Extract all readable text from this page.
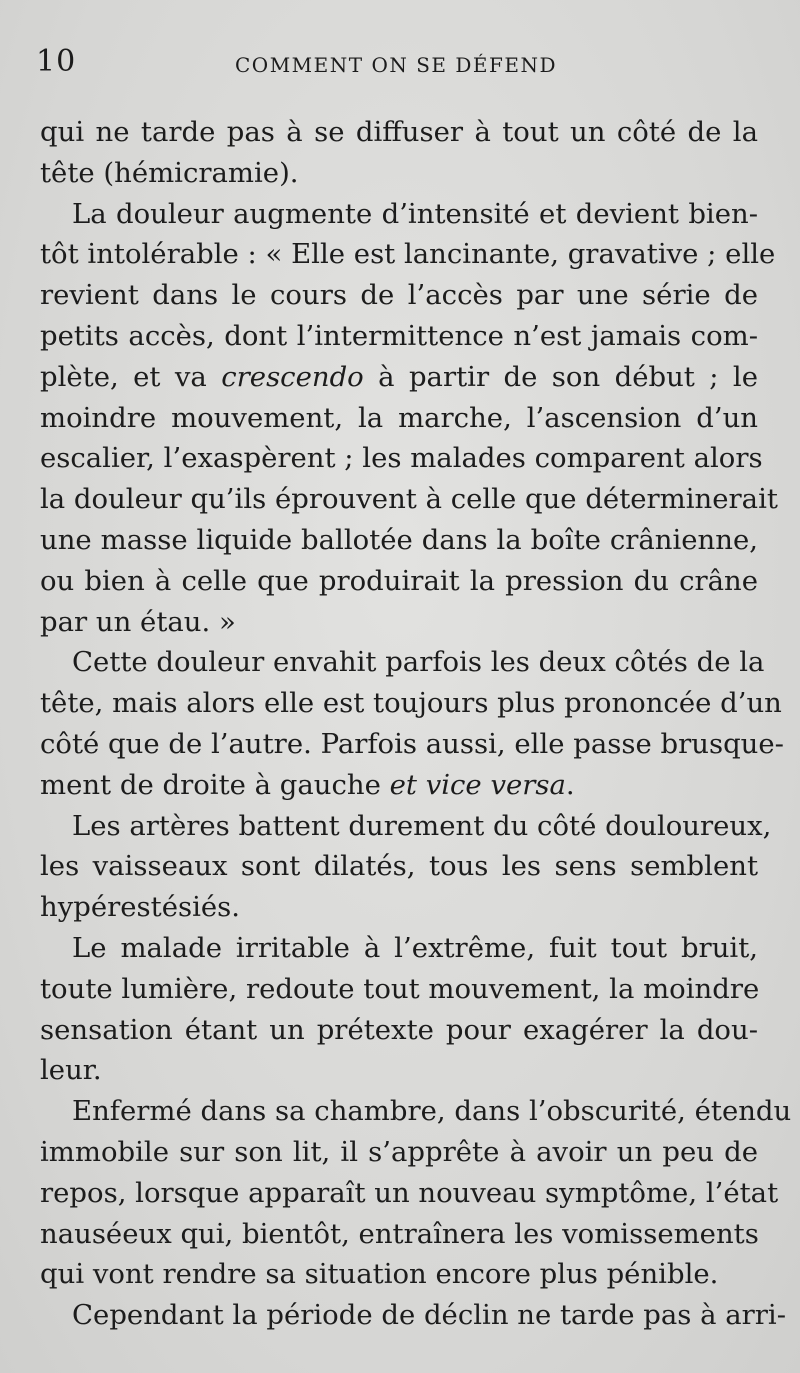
10	COMMENT ON SE DÉFEND
qui ne tarde pas à se diffuser à tout un côté de la
tête (hémicramie).
La douleur augmente d’intensité et devient bien-
tôt intolérable : « Elle est lancinante, gravative ; elle
revient dans le cours de l’accès par une série de
petits accès, dont l’intermittence n’est jamais com-
plète, et va crescendo à partir de son début ; le
moindre mouvement, la marche, l’ascension d’un
escalier, l’exaspèrent ; les malades comparent alors
la douleur qu’ils éprouvent à celle que déterminerait
une masse liquide ballotée dans la boîte crânienne,
ou bien à celle que produirait la pression du crâne
par un étau. »
Cette douleur envahit parfois les deux côtés de la
tête, mais alors elle est toujours plus prononcée d’un
côté que de l’autre. Parfois aussi, elle passe brusque-
ment de droite à gauche et vice versa.
Les artères battent durement du côté douloureux,
les vaisseaux sont dilatés, tous les sens semblent
hypérestésiés.
Le malade irritable à l’extrême, fuit tout bruit,
toute lumière, redoute tout mouvement, la moindre
sensation étant un prétexte pour exagérer la dou-
leur.
Enfermé dans sa chambre, dans l’obscurité, étendu
immobile sur son lit, il s’apprête à avoir un peu de
repos, lorsque apparaît un nouveau symptôme, l’état
nauséeux qui, bientôt, entraînera les vomissements
qui vont rendre sa situation encore plus pénible.
Cependant la période de déclin ne tarde pas à arri-
